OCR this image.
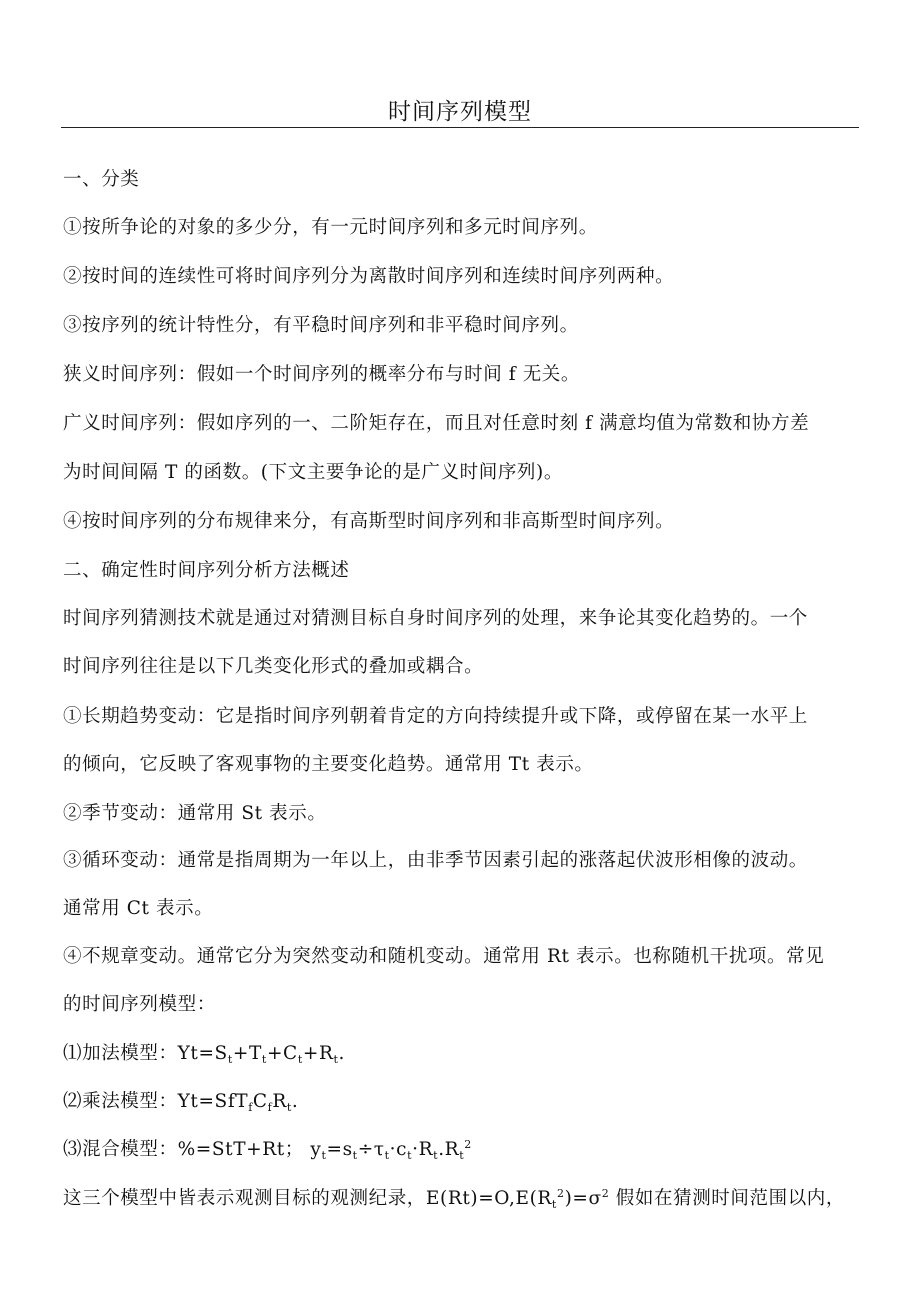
时间序列模型
一、分类
①按所争论的对象的多少分，有一元时间序列和多元时间序列。
②按时间的连续性可将时间序列分为离散时间序列和连续时间序列两种。
③按序列的统计特性分，有平稳时间序列和非平稳时间序列。
狭义时间序列：假如一个时间序列的概率分布与时间 f 无关。
广义时间序列：假如序列的一、二阶矩存在，而且对任意时刻 f 满意均值为常数和协方差
为时间间隔 T 的函数。(下文主要争论的是广义时间序列)。
④按时间序列的分布规律来分，有高斯型时间序列和非高斯型时间序列。
二、确定性时间序列分析方法概述
时间序列猜测技术就是通过对猜测目标自身时间序列的处理，来争论其变化趋势的。一个
时间序列往往是以下几类变化形式的叠加或耦合。
①长期趋势变动：它是指时间序列朝着肯定的方向持续提升或下降，或停留在某一水平上
的倾向，它反映了客观事物的主要变化趋势。通常用 Tt 表示。
②季节变动：通常用 St 表示。
③循环变动：通常是指周期为一年以上，由非季节因素引起的涨落起伏波形相像的波动。
通常用 Ct 表示。
④不规章变动。通常它分为突然变动和随机变动。通常用 Rt 表示。也称随机干扰项。常见
的时间序列模型：
⑴加法模型：$Yt=S_t+T_t+C_t+R_t$.
⑵乘法模型：$Yt=SfT_fC_fR_t$.
⑶混合模型：%=StT+Rt； $y_t=s_t\div\tau_t\cdot c_t\cdot R_t.R_t^2$
这三个模型中皆表示观测目标的观测纪录，$E(Rt)=O,E(R_t^2)=\sigma^2$ 假如在猜测时间范围以内，
